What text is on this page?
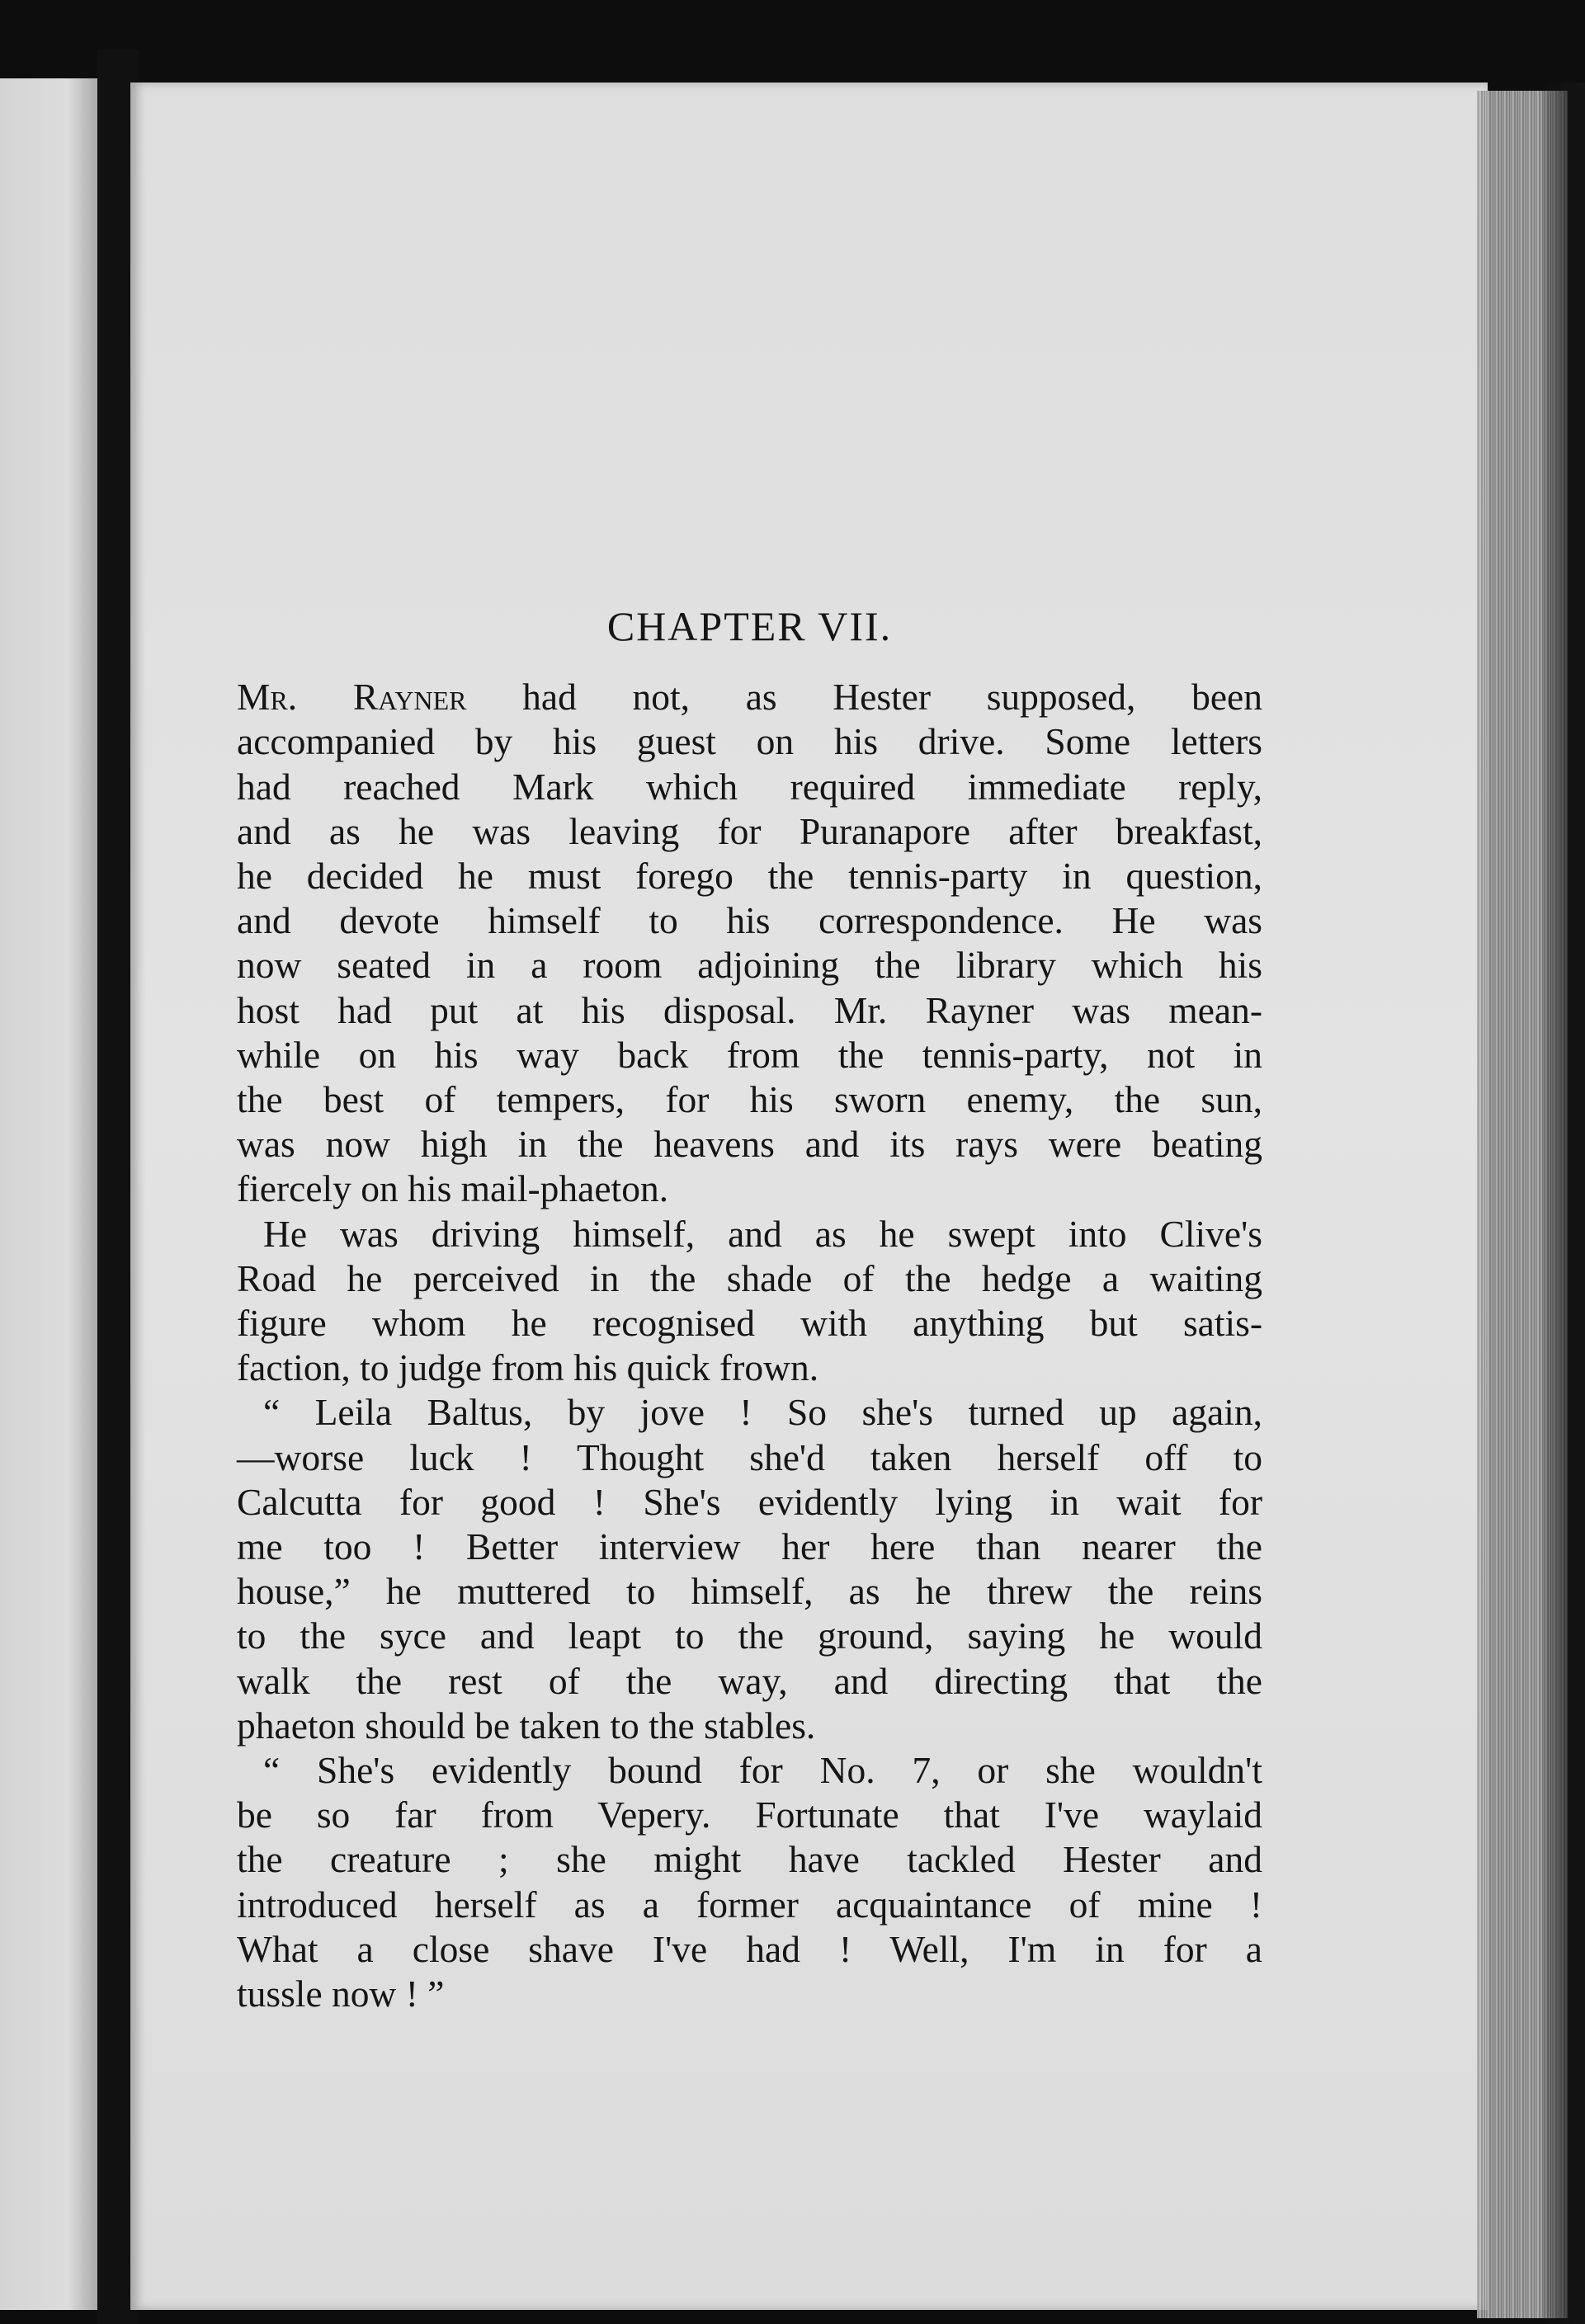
CHAPTER VII.
Mr. Rayner had not, as Hester supposed, been
accompanied by his guest on his drive. Some letters
had reached Mark which required immediate reply,
and as he was leaving for Puranapore after breakfast,
he decided he must forego the tennis-party in question,
and devote himself to his correspondence. He was
now seated in a room adjoining the library which his
host had put at his disposal. Mr. Rayner was mean-
while on his way back from the tennis-party, not in
the best of tempers, for his sworn enemy, the sun,
was now high in the heavens and its rays were beating
fiercely on his mail-phaeton.
He was driving himself, and as he swept into Clive's
Road he perceived in the shade of the hedge a waiting
figure whom he recognised with anything but satis-
faction, to judge from his quick frown.
“ Leila Baltus, by jove ! So she's turned up again,
—worse luck ! Thought she'd taken herself off to
Calcutta for good ! She's evidently lying in wait for
me too ! Better interview her here than nearer the
house,” he muttered to himself, as he threw the reins
to the syce and leapt to the ground, saying he would
walk the rest of the way, and directing that the
phaeton should be taken to the stables.
“ She's evidently bound for No. 7, or she wouldn't
be so far from Vepery. Fortunate that I've waylaid
the creature ; she might have tackled Hester and
introduced herself as a former acquaintance of mine !
What a close shave I've had ! Well, I'm in for a
tussle now ! ”
